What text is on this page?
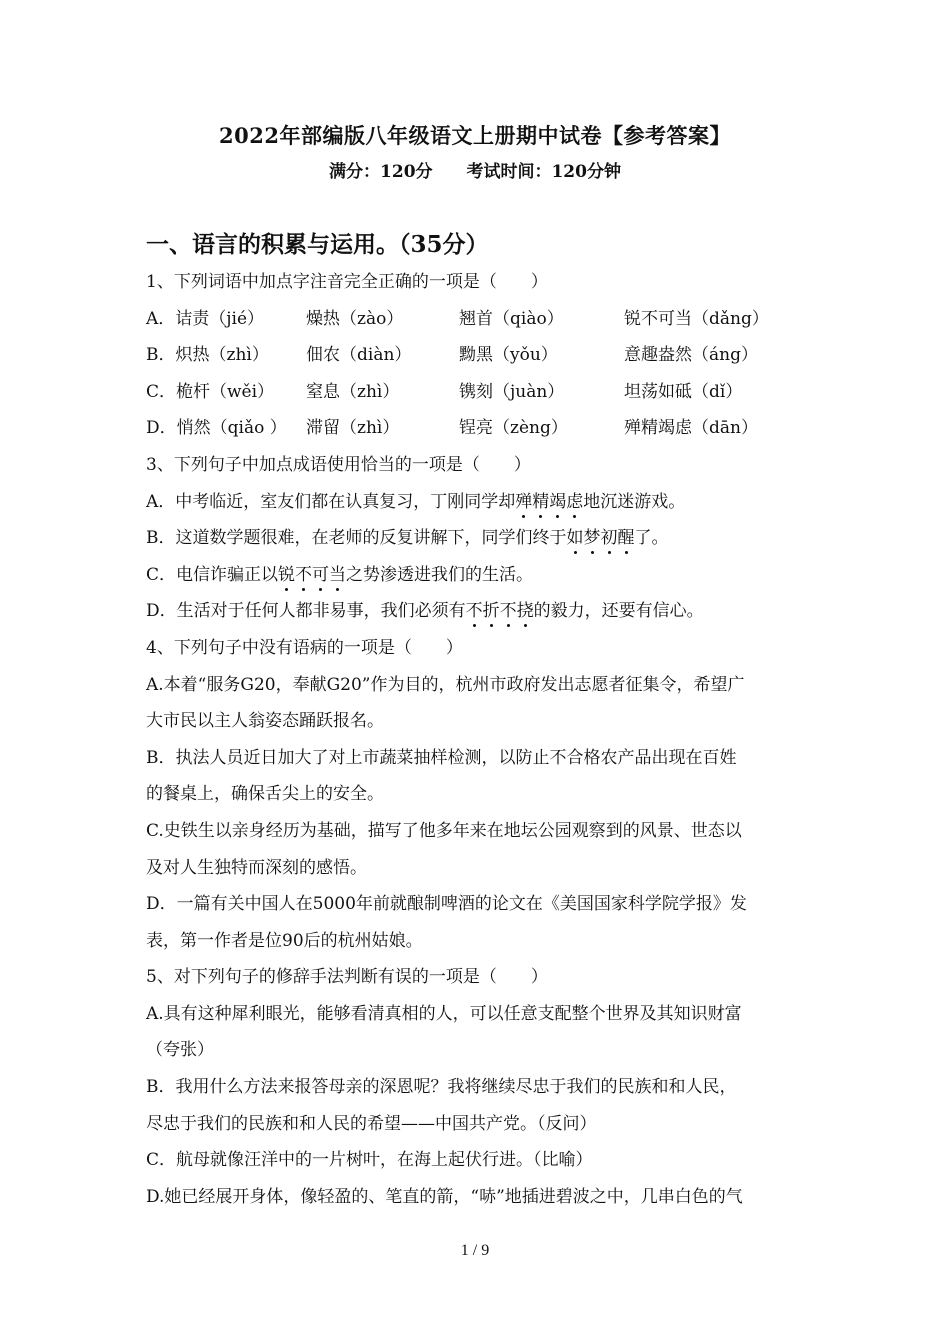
2022年部编版八年级语文上册期中试卷【参考答案】
满分：120分 考试时间：120分钟
一、语言的积累与运用。（35分）
1、下列词语中加点字注音完全正确的一项是（　　）
A．诘责（jié）	燥热（zào）	翘首（qiào）	锐不可当（dǎng）
B．炽热（zhì）	佃农（diàn）	黝黑（yǒu）	意趣盎然（áng）
C．桅杆（wěi）	窒息（zhì）	镌刻（juàn）	坦荡如砥（dǐ）
D．悄然（qiǎo ）	滞留（zhì）	锃亮（zèng）	殚精竭虑（dān）
3、下列句子中加点成语使用恰当的一项是（　　）
A．中考临近，室友们都在认真复习，丁刚同学却殚精竭虑地沉迷游戏。
B．这道数学题很难，在老师的反复讲解下，同学们终于如梦初醒了。
C．电信诈骗正以锐不可当之势渗透进我们的生活。
D．生活对于任何人都非易事，我们必须有不折不挠的毅力，还要有信心。
4、下列句子中没有语病的一项是（　　）
A.本着“服务G20，奉献G20”作为目的，杭州市政府发出志愿者征集令，希望广
大市民以主人翁姿态踊跃报名。
B．执法人员近日加大了对上市蔬菜抽样检测，以防止不合格农产品出现在百姓
的餐桌上，确保舌尖上的安全。
C.史铁生以亲身经历为基础，描写了他多年来在地坛公园观察到的风景、世态以
及对人生独特而深刻的感悟。
D．一篇有关中国人在5000年前就酿制啤酒的论文在《美国国家科学院学报》发
表，第一作者是位90后的杭州姑娘。
5、对下列句子的修辞手法判断有误的一项是（　　）
A.具有这种犀利眼光，能够看清真相的人，可以任意支配整个世界及其知识财富
（夸张）
B．我用什么方法来报答母亲的深恩呢？我将继续尽忠于我们的民族和和人民，
尽忠于我们的民族和和人民的希望——中国共产党。（反问）
C．航母就像汪洋中的一片树叶，在海上起伏行进。（比喻）
D.她已经展开身体，像轻盈的、笔直的箭，“哧”地插进碧波之中，几串白色的气
1 / 9
